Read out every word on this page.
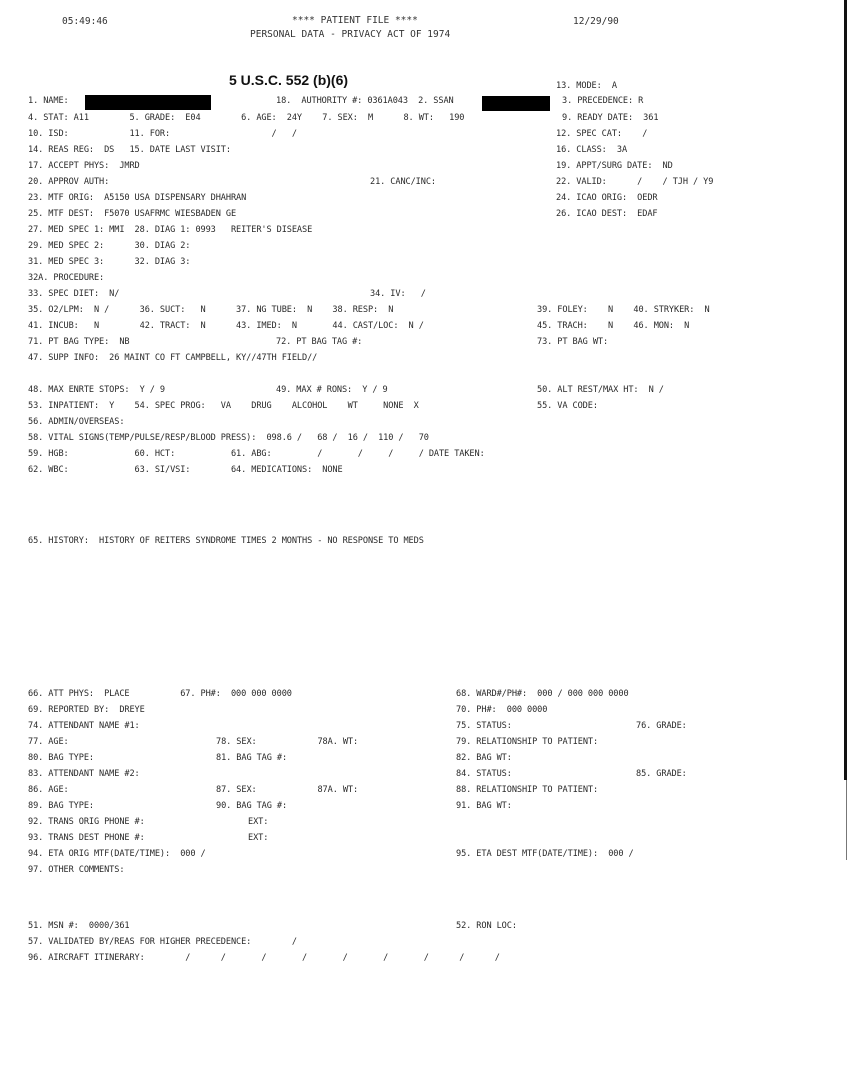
05:49:46	**** PATIENT FILE ****
PERSONAL DATA - PRIVACY ACT OF 1974
12/29/90
5 U.S.C. 552 (b)(6)
1. NAME:	18.  AUTHORITY #: 0361A043  2. SSAN
13. MODE:  A
3. PRECEDENCE: R
4. STAT: A11        5. GRADE:  E04        6. AGE:  24Y    7. SEX:  M      8. WT:   190	9. READY DATE:  361
10. ISD:            11. FOR:                    /   /	12. SPEC CAT:    /
14. REAS REG:  DS   15. DATE LAST VISIT:	16. CLASS:  3A
17. ACCEPT PHYS:  JMRD	19. APPT/SURG DATE:  ND
20. APPROV AUTH:	21. CANC/INC:	22. VALID:      /    / TJH / Y9
23. MTF ORIG:  A5150 USA DISPENSARY DHAHRAN	24. ICAO ORIG:  OEDR
25. MTF DEST:  F5070 USAFRMC WIESBADEN GE	26. ICAO DEST:  EDAF
27. MED SPEC 1: MMI  28. DIAG 1: 0993   REITER'S DISEASE
29. MED SPEC 2:      30. DIAG 2:
31. MED SPEC 3:      32. DIAG 3:
32A. PROCEDURE:
33. SPEC DIET:  N/	34. IV:   /
35. O2/LPM:  N /      36. SUCT:   N      37. NG TUBE:  N    38. RESP:  N	39. FOLEY:    N    40. STRYKER:  N
41. INCUB:   N        42. TRACT:  N      43. IMED:  N       44. CAST/LOC:  N /	45. TRACH:    N    46. MON:  N
71. PT BAG TYPE:  NB	72. PT BAG TAG #:	73. PT BAG WT:
47. SUPP INFO:  26 MAINT CO FT CAMPBELL, KY//47TH FIELD//
48. MAX ENRTE STOPS:  Y / 9	49. MAX # RONS:  Y / 9	50. ALT REST/MAX HT:  N /
53. INPATIENT:  Y    54. SPEC PROG:   VA    DRUG    ALCOHOL    WT     NONE  X	55. VA CODE:
56. ADMIN/OVERSEAS:
58. VITAL SIGNS(TEMP/PULSE/RESP/BLOOD PRESS):  098.6 /   68 /  16 /  110 /   70
59. HGB:             60. HCT:           61. ABG:         /       /     /     / DATE TAKEN:
62. WBC:             63. SI/VSI:        64. MEDICATIONS:  NONE
65. HISTORY:  HISTORY OF REITERS SYNDROME TIMES 2 MONTHS - NO RESPONSE TO MEDS
66. ATT PHYS:  PLACE          67. PH#:  000 000 0000	68. WARD#/PH#:  000 / 000 000 0000
69. REPORTED BY:  DREYE	70. PH#:  000 0000
74. ATTENDANT NAME #1:	75. STATUS:	76. GRADE:
77. AGE:	78. SEX:            78A. WT:	79. RELATIONSHIP TO PATIENT:
80. BAG TYPE:	81. BAG TAG #:	82. BAG WT:
83. ATTENDANT NAME #2:	84. STATUS:	85. GRADE:
86. AGE:	87. SEX:            87A. WT:	88. RELATIONSHIP TO PATIENT:
89. BAG TYPE:	90. BAG TAG #:	91. BAG WT:
92. TRANS ORIG PHONE #:	EXT:
93. TRANS DEST PHONE #:	EXT:
94. ETA ORIG MTF(DATE/TIME):  000 /	95. ETA DEST MTF(DATE/TIME):  000 /
97. OTHER COMMENTS:
51. MSN #:  0000/361	52. RON LOC:
57. VALIDATED BY/REAS FOR HIGHER PRECEDENCE:        /
96. AIRCRAFT ITINERARY:        /      /       /       /       /       /       /      /      /
